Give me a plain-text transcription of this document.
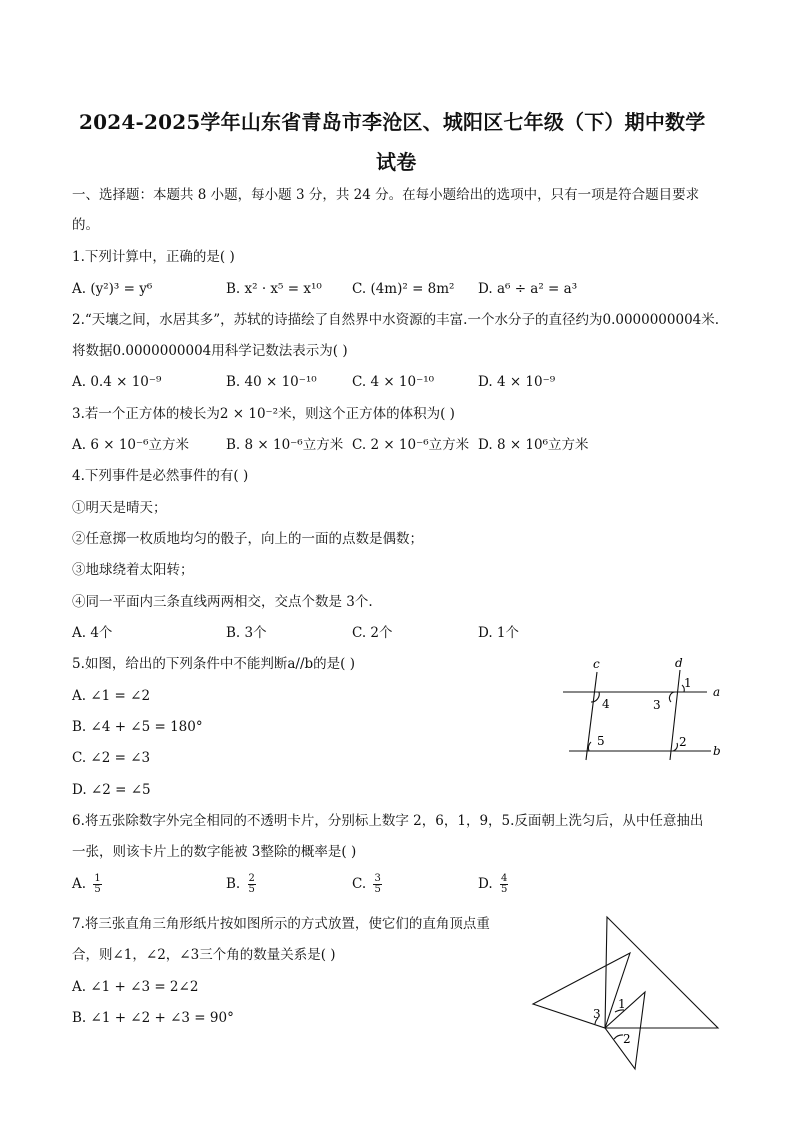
2024-2025学年山东省青岛市李沧区、城阳区七年级（下）期中数学
试卷
一、选择题：本题共 8 小题，每小题 3 分，共 24 分。在每小题给出的选项中，只有一项是符合题目要求
的。
1.下列计算中，正确的是( )
A. (y²)³ = y⁶	B. x² · x⁵ = x¹⁰ C. (4m)² = 8m² D. a⁶ ÷ a² = a³
2.“天壤之间，水居其多”，苏轼的诗描绘了自然界中水资源的丰富.一个水分子的直径约为0.0000000004米.
将数据0.0000000004用科学记数法表示为( )
A. 0.4 × 10⁻⁹	B. 40 × 10⁻¹⁰	C. 4 × 10⁻¹⁰	D. 4 × 10⁻⁹
3.若一个正方体的棱长为2 × 10⁻²米，则这个正方体的体积为( )
A. 6 × 10⁻⁶立方米	B. 8 × 10⁻⁶立方米 C. 2 × 10⁻⁶立方米 D. 8 × 10⁶立方米
4.下列事件是必然事件的有( )
①明天是晴天；
②任意掷一枚质地均匀的骰子，向上的一面的点数是偶数；
③地球绕着太阳转；
④同一平面内三条直线两两相交，交点个数是 3个.
A. 4个	B. 3个	C. 2个	D. 1个
5.如图，给出的下列条件中不能判断a//b的是( )
A. ∠1 = ∠2
B. ∠4 + ∠5 = 180°
C. ∠2 = ∠3
D. ∠2 = ∠5
c	d
a
b
1
2
3
4
5
6.将五张除数字外完全相同的不透明卡片，分别标上数字 2，6，1，9，5.反面朝上洗匀后，从中任意抽出
一张，则该卡片上的数字能被 3整除的概率是( )
A. $\frac{1}{5}$	B. $\frac{2}{5}$	C. $\frac{3}{5}$	D. $\frac{4}{5}$
7.将三张直角三角形纸片按如图所示的方式放置，使它们的直角顶点重
合，则∠1，∠2，∠3三个角的数量关系是( )
A. ∠1 + ∠3 = 2∠2
B. ∠1 + ∠2 + ∠3 = 90°
1
2
3
